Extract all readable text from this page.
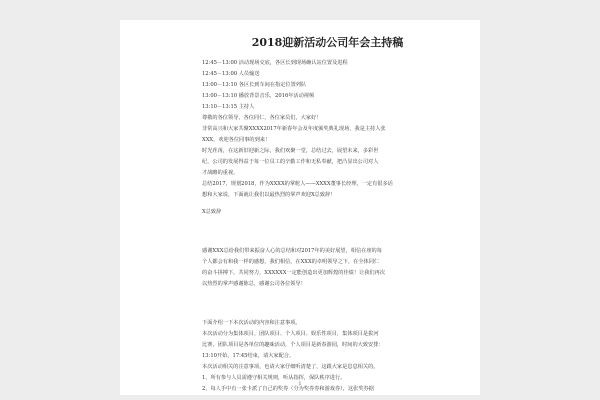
2018迎新活动公司年会主持稿
12:45－13:00 活动现场交底，各区长到现场确认站位置及进程
12:45－13:00 人员输送
13:00－13:10 各区长到车间在指定位置列队
13:00－13:10 播放背景音乐，2016年活动视频
13:10－13:15 主持人
尊敬的各位领导，各位同仁，各位家员们，大家好！
非常高兴和大家共聚XXXX2017年新春年会及年度颁奖典礼现场，我是主持人张
XXX，欢迎各位同事的到来！
时光荏苒，在这新旧迎新之际，我们欢聚一堂，总结过去，展望未来，多彩世
纪。公司的发展得益于每一位员工的辛勤工作和无私奉献，把凸显出公司对人
才战略的重视。
总结2017，规划2018，作为XXXX的掌舵人——XXXX董事长经理，一定有很多话
想和大家说，下面就让我们以最热烈的掌声欢迎X总致辞！
X总致辞
感谢XXX总给我们带来振奋人心的总结和对2017年的美好展望，相信在座的每
个人都会有和我一样的感想，我们相信，在XXX的卓明领导之下，在全体同仁
的奋斗拼搏下，共同努力，XXXXXX一定能创造出更加辉煌的佳绩！让我们再次
以热烈的掌声感谢陈总，感谢公司各位领导！
下面介绍一下本次活动的内容和注意事项。
本次活动分为集体项目、团队项目、个人项目、娱乐性项目，集体项目是拔河
比赛，团队项目是各单位的趣味活动，个人项目是新春游园，时间的大致安排：
13:10开始，17:45结束，请大家配合。
本次活动相关的注意事项，也请大家仔细听清楚了，这跟大家是息息相关的。
1、所有参与人员需遵守相关规则，听从指挥，保队秩序进行。
2、每人手中有一张卡派了自己的奖券（分为奖券券和游戏券），这张奖券据
1
